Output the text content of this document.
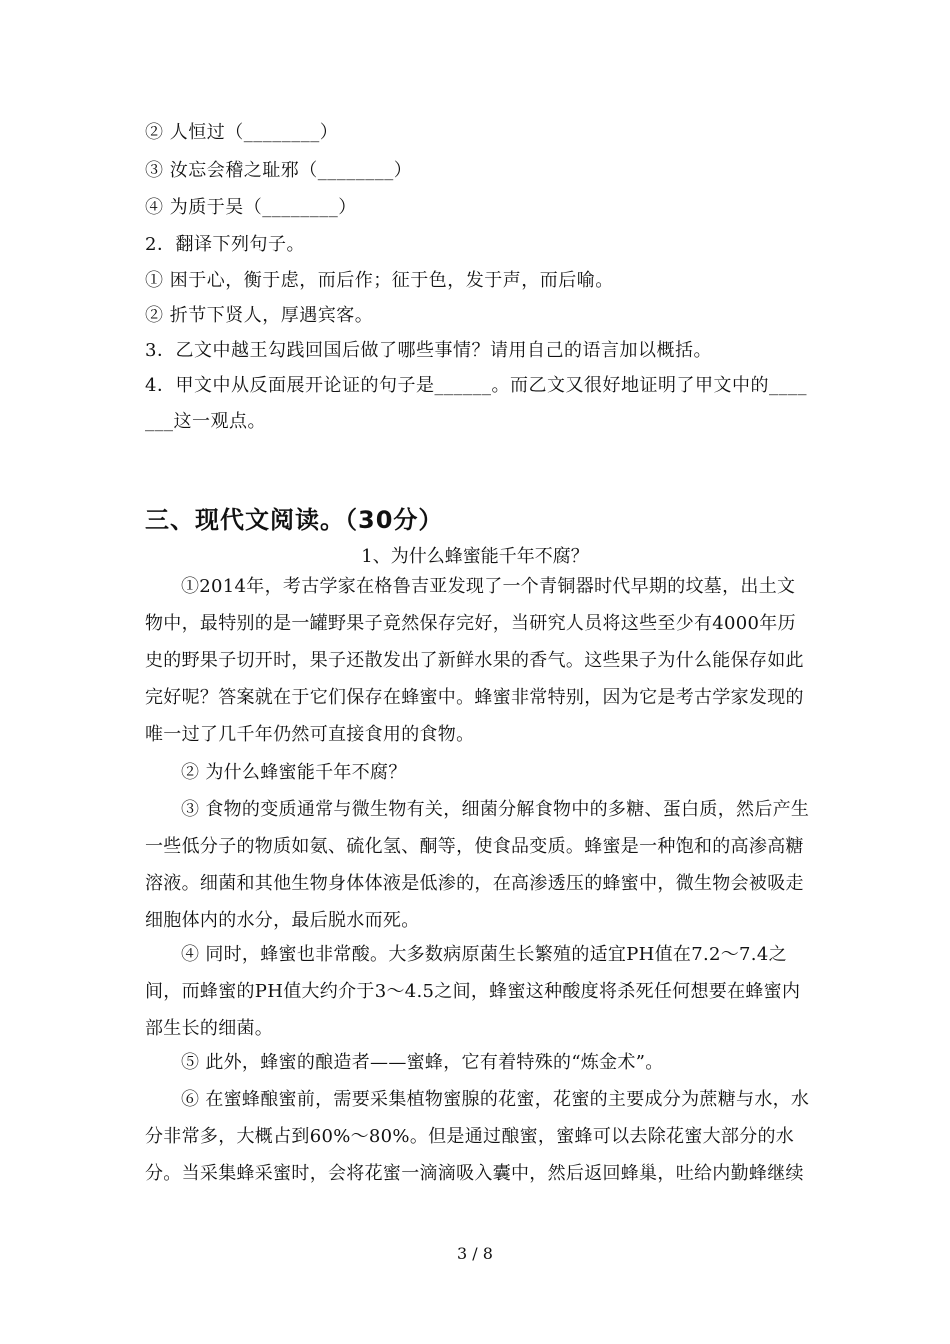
② 人恒过（________）
③ 汝忘会稽之耻邪（________）
④ 为质于吴（________）
2．翻译下列句子。
① 困于心，衡于虑，而后作；征于色，发于声，而后喻。
② 折节下贤人，厚遇宾客。
3．乙文中越王勾践回国后做了哪些事情？请用自己的语言加以概括。
4．甲文中从反面展开论证的句子是______。而乙文又很好地证明了甲文中的____
___这一观点。
三、现代文阅读。（30分）
1、为什么蜂蜜能千年不腐？
①2014年，考古学家在格鲁吉亚发现了一个青铜器时代早期的坟墓，出土文物中，最特别的是一罐野果子竟然保存完好，当研究人员将这些至少有4000年历史的野果子切开时，果子还散发出了新鲜水果的香气。这些果子为什么能保存如此完好呢？答案就在于它们保存在蜂蜜中。蜂蜜非常特别，因为它是考古学家发现的唯一过了几千年仍然可直接食用的食物。
② 为什么蜂蜜能千年不腐？
③ 食物的变质通常与微生物有关，细菌分解食物中的多糖、蛋白质，然后产生一些低分子的物质如氨、硫化氢、酮等，使食品变质。蜂蜜是一种饱和的高渗高糖溶液。细菌和其他生物身体体液是低渗的，在高渗透压的蜂蜜中，微生物会被吸走细胞体内的水分，最后脱水而死。
④ 同时，蜂蜜也非常酸。大多数病原菌生长繁殖的适宜PH值在7.2～7.4之间，而蜂蜜的PH值大约介于3～4.5之间，蜂蜜这种酸度将杀死任何想要在蜂蜜内部生长的细菌。
⑤ 此外，蜂蜜的酿造者——蜜蜂，它有着特殊的“炼金术”。
⑥ 在蜜蜂酿蜜前，需要采集植物蜜腺的花蜜，花蜜的主要成分为蔗糖与水，水分非常多，大概占到60%～80%。但是通过酿蜜，蜜蜂可以去除花蜜大部分的水分。当采集蜂采蜜时，会将花蜜一滴滴吸入囊中，然后返回蜂巢，吐给内勤蜂继续
3 / 8
